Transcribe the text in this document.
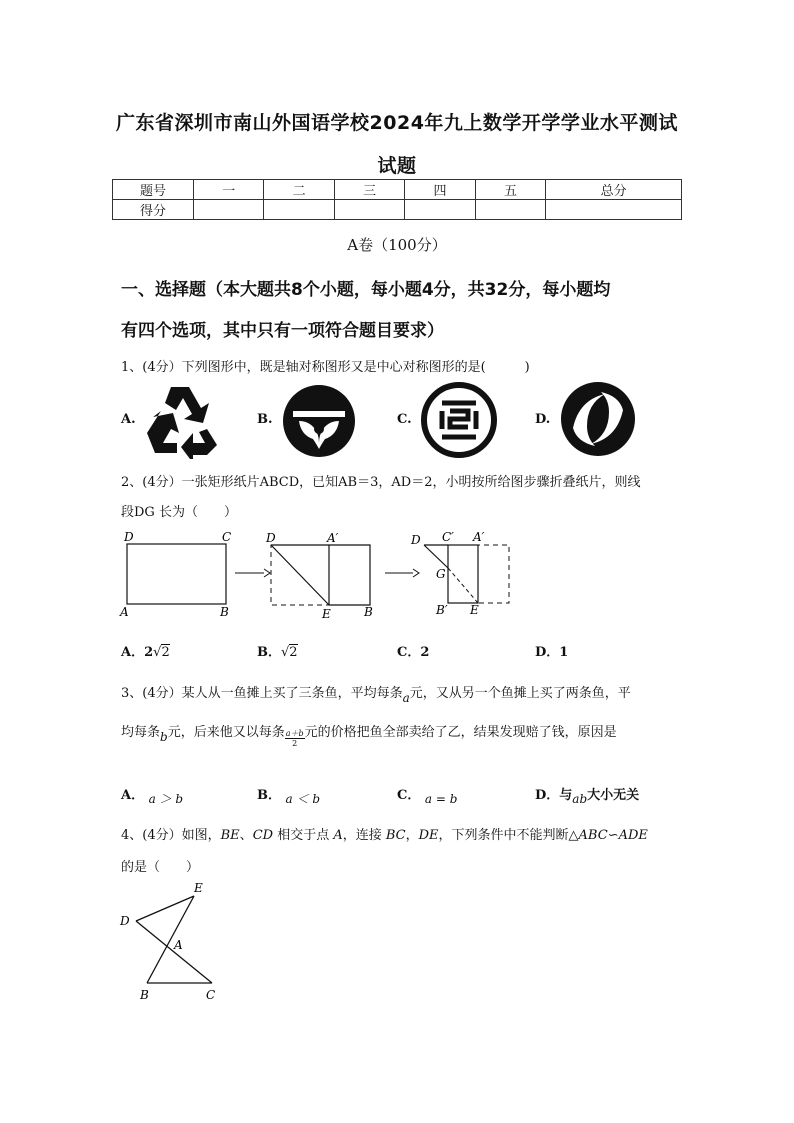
广东省深圳市南山外国语学校2024年九上数学开学学业水平测试
试题
题号	一	二	三	四	五	总分
得分						
A卷（100分）
一、选择题（本大题共8个小题，每小题4分，共32分，每小题均
有四个选项，其中只有一项符合题目要求）
1、(4分）下列图形中，既是轴对称图形又是中心对称图形的是(　　　)
A.	B.	C.	D.
2、(4分）一张矩形纸片ABCD，已知AB＝3，AD＝2，小明按所给图步骤折叠纸片，则线
段DG 长为（　　）
D	C
A	B
D	A′
E	B
D C′ A′
G
B′ E
A．2√2	B．√2	C．2	D．1
3、(4分）某人从一鱼摊上买了三条鱼，平均每条a元，又从另一个鱼摊上买了两条鱼，平
均每条b元，后来他又以每条 $\frac{a+b}{2}$ 元的价格把鱼全部卖给了乙，结果发现赔了钱，原因是
A． a ＞ b	B． a ＜ b	C． a = b	D．与ab大小无关
4、(4分）如图，BE、CD 相交于点 A，连接 BC，DE，下列条件中不能判断△ABC∽ADE
的是（　　）
E
D
A
B	C
